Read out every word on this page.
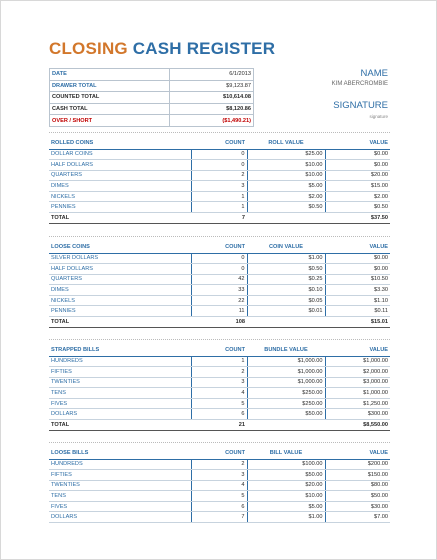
CLOSING CASH REGISTER
DATE	6/1/2013
DRAWER TOTAL	$9,123.87
COUNTED TOTAL	$10,614.08
CASH TOTAL	$8,120.86
OVER / SHORT	($1,490.21)
NAME
KIM ABERCROMBIE
SIGNATURE
signature
ROLLED COINS	COUNT	ROLL VALUE	VALUE
DOLLAR COINS	0	$25.00	$0.00
HALF DOLLARS	0	$10.00	$0.00
QUARTERS	2	$10.00	$20.00
DIMES	3	$5.00	$15.00
NICKELS	1	$2.00	$2.00
PENNIES	1	$0.50	$0.50
TOTAL	7		$37.50
LOOSE COINS	COUNT	COIN VALUE	VALUE
SILVER DOLLARS	0	$1.00	$0.00
HALF DOLLARS	0	$0.50	$0.00
QUARTERS	42	$0.25	$10.50
DIMES	33	$0.10	$3.30
NICKELS	22	$0.05	$1.10
PENNIES	11	$0.01	$0.11
TOTAL	108		$15.01
STRAPPED BILLS	COUNT	BUNDLE VALUE	VALUE
HUNDREDS	1	$1,000.00	$1,000.00
FIFTIES	2	$1,000.00	$2,000.00
TWENTIES	3	$1,000.00	$3,000.00
TENS	4	$250.00	$1,000.00
FIVES	5	$250.00	$1,250.00
DOLLARS	6	$50.00	$300.00
TOTAL	21		$8,550.00
LOOSE BILLS	COUNT	BILL VALUE	VALUE
HUNDREDS	2	$100.00	$200.00
FIFTIES	3	$50.00	$150.00
TWENTIES	4	$20.00	$80.00
TENS	5	$10.00	$50.00
FIVES	6	$5.00	$30.00
DOLLARS	7	$1.00	$7.00
